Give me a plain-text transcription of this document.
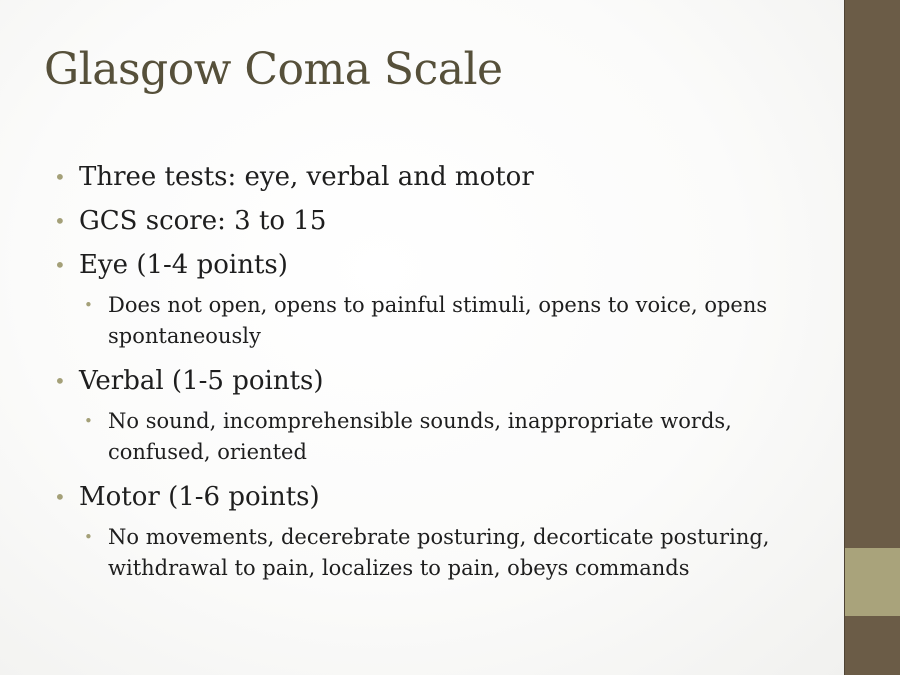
Glasgow Coma Scale
• Three tests: eye, verbal and motor
• GCS score: 3 to 15
• Eye (1-4 points)
• Does not open, opens to painful stimuli, opens to voice, opens spontaneously
• Verbal (1-5 points)
• No sound, incomprehensible sounds, inappropriate words, confused, oriented
• Motor (1-6 points)
• No movements, decerebrate posturing, decorticate posturing, withdrawal to pain, localizes to pain, obeys commands
